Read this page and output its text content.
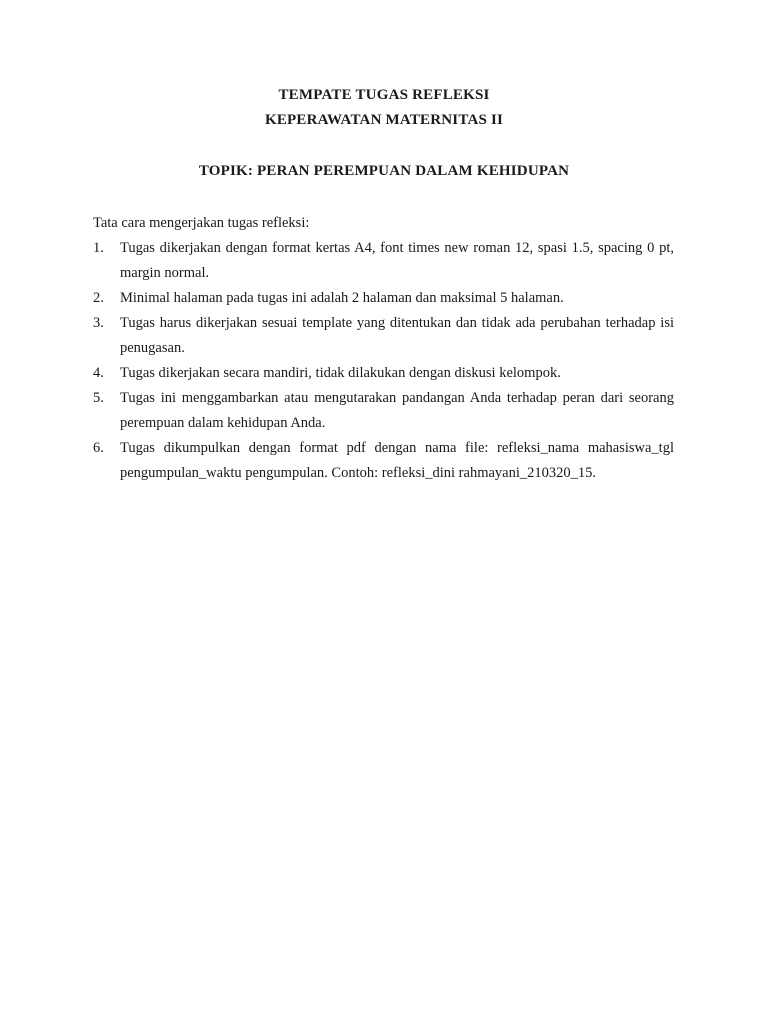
TEMPATE TUGAS REFLEKSI
KEPERAWATAN MATERNITAS II
TOPIK: PERAN PEREMPUAN DALAM KEHIDUPAN

Tata cara mengerjakan tugas refleksi:

1. Tugas dikerjakan dengan format kertas A4, font times new roman 12, spasi 1.5, spacing 0 pt, margin normal.
2. Minimal halaman pada tugas ini adalah 2 halaman dan maksimal 5 halaman.
3. Tugas harus dikerjakan sesuai template yang ditentukan dan tidak ada perubahan terhadap isi penugasan.
4. Tugas dikerjakan secara mandiri, tidak dilakukan dengan diskusi kelompok.
5. Tugas ini menggambarkan atau mengutarakan pandangan Anda terhadap peran dari seorang perempuan dalam kehidupan Anda.
6. Tugas dikumpulkan dengan format pdf dengan nama file: refleksi_nama mahasiswa_tgl pengumpulan_waktu pengumpulan. Contoh: refleksi_dini rahmayani_210320_15.
